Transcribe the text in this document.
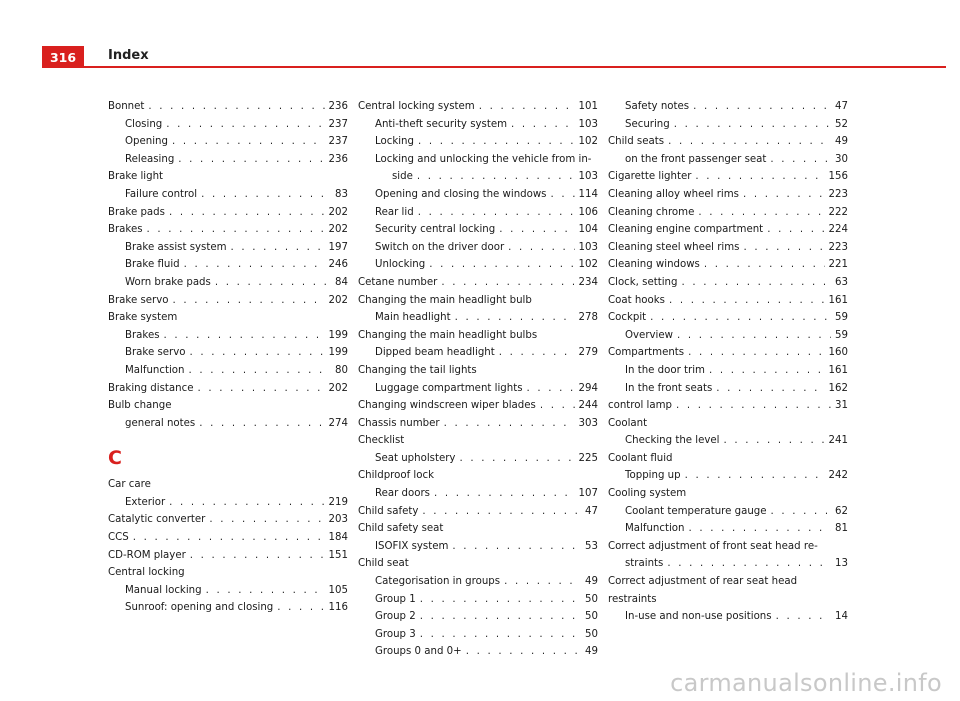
316	Index
Bonnet . . .	236
Closing . . .	237
Opening . . .	237
Releasing . . .	236
Brake light
Failure control . . .	83
Brake pads . . .	202
Brakes . . .	202
Brake assist system . . .	197
Brake fluid . . .	246
Worn brake pads . . .	84
Brake servo . . .	202
Brake system
Brakes . . .	199
Brake servo . . .	199
Malfunction . . .	80
Braking distance . . .	202
Bulb change
general notes . . .	274
C
Car care
Exterior . . .	219
Catalytic converter . . .	203
CCS . . .	184
CD-ROM player . . .	151
Central locking
Manual locking . . .	105
Sunroof: opening and closing . . .	116
Central locking system . . .	101
Anti-theft security system . . .	103
Locking . . .	102
Locking and unlocking the vehicle from in-
side . . .	103
Opening and closing the windows . . .	114
Rear lid . . .	106
Security central locking . . .	104
Switch on the driver door . . .	103
Unlocking . . .	102
Cetane number . . .	234
Changing the main headlight bulb
Main headlight . . .	278
Changing the main headlight bulbs
Dipped beam headlight . . .	279
Changing the tail lights
Luggage compartment lights . . .	294
Changing windscreen wiper blades . . .	244
Chassis number . . .	303
Checklist
Seat upholstery . . .	225
Childproof lock
Rear doors . . .	107
Child safety . . .	47
Child safety seat
ISOFIX system . . .	53
Child seat
Categorisation in groups . . .	49
Group 1 . . .	50
Group 2 . . .	50
Group 3 . . .	50
Groups 0 and 0+ . . .	49
Safety notes . . .	47
Securing . . .	52
Child seats . . .	49
on the front passenger seat . . .	30
Cigarette lighter . . .	156
Cleaning alloy wheel rims . . .	223
Cleaning chrome . . .	222
Cleaning engine compartment . . .	224
Cleaning steel wheel rims . . .	223
Cleaning windows . . .	221
Clock, setting . . .	63
Coat hooks . . .	161
Cockpit . . .	59
Overview . . .	59
Compartments . . .	160
In the door trim . . .	161
In the front seats . . .	162
control lamp . . .	31
Coolant
Checking the level . . .	241
Coolant fluid
Topping up . . .	242
Cooling system
Coolant temperature gauge . . .	62
Malfunction . . .	81
Correct adjustment of front seat head re-
straints . . .	13
Correct adjustment of rear seat head restraints
In-use and non-use positions . . .	14
carmanualsonline.info
